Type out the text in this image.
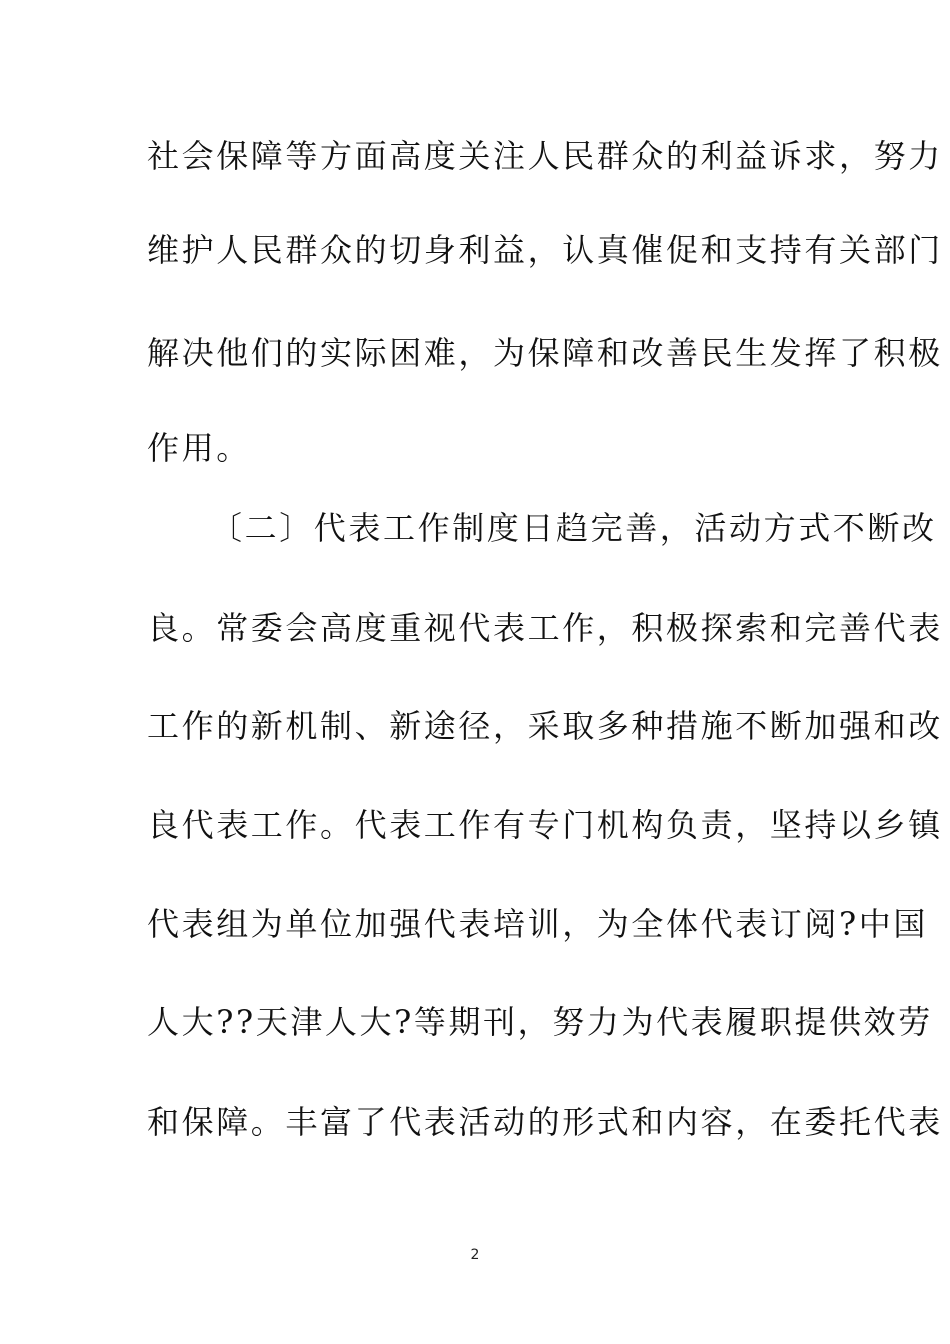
社会保障等方面高度关注人民群众的利益诉求，努力
维护人民群众的切身利益，认真催促和支持有关部门
解决他们的实际困难，为保障和改善民生发挥了积极
作用。
〔二〕代表工作制度日趋完善，活动方式不断改
良。常委会高度重视代表工作，积极探索和完善代表
工作的新机制、新途径，采取多种措施不断加强和改
良代表工作。代表工作有专门机构负责，坚持以乡镇
代表组为单位加强代表培训，为全体代表订阅?中国
人大??天津人大?等期刊，努力为代表履职提供效劳
和保障。丰富了代表活动的形式和内容，在委托代表
2
